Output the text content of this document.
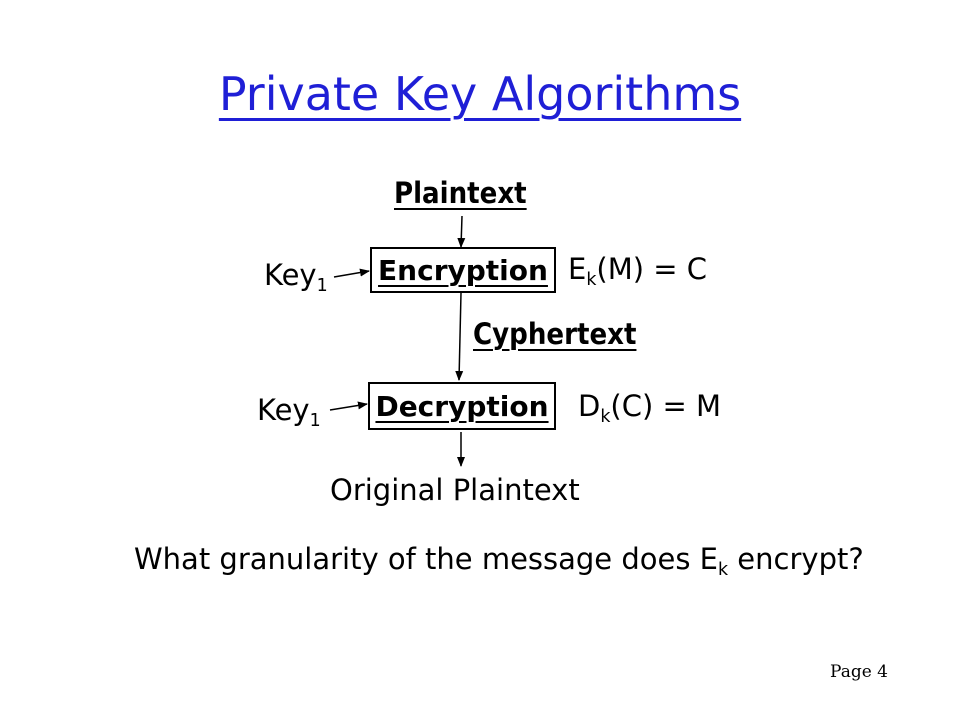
Private Key Algorithms
Plaintext
Encryption
Key$_1$
$E_k(M) = C$
Cyphertext
Decryption
Key$_1$	$D_k(C) = M$
Original Plaintext
What granularity of the message does $E_k$ encrypt?
Page 4
